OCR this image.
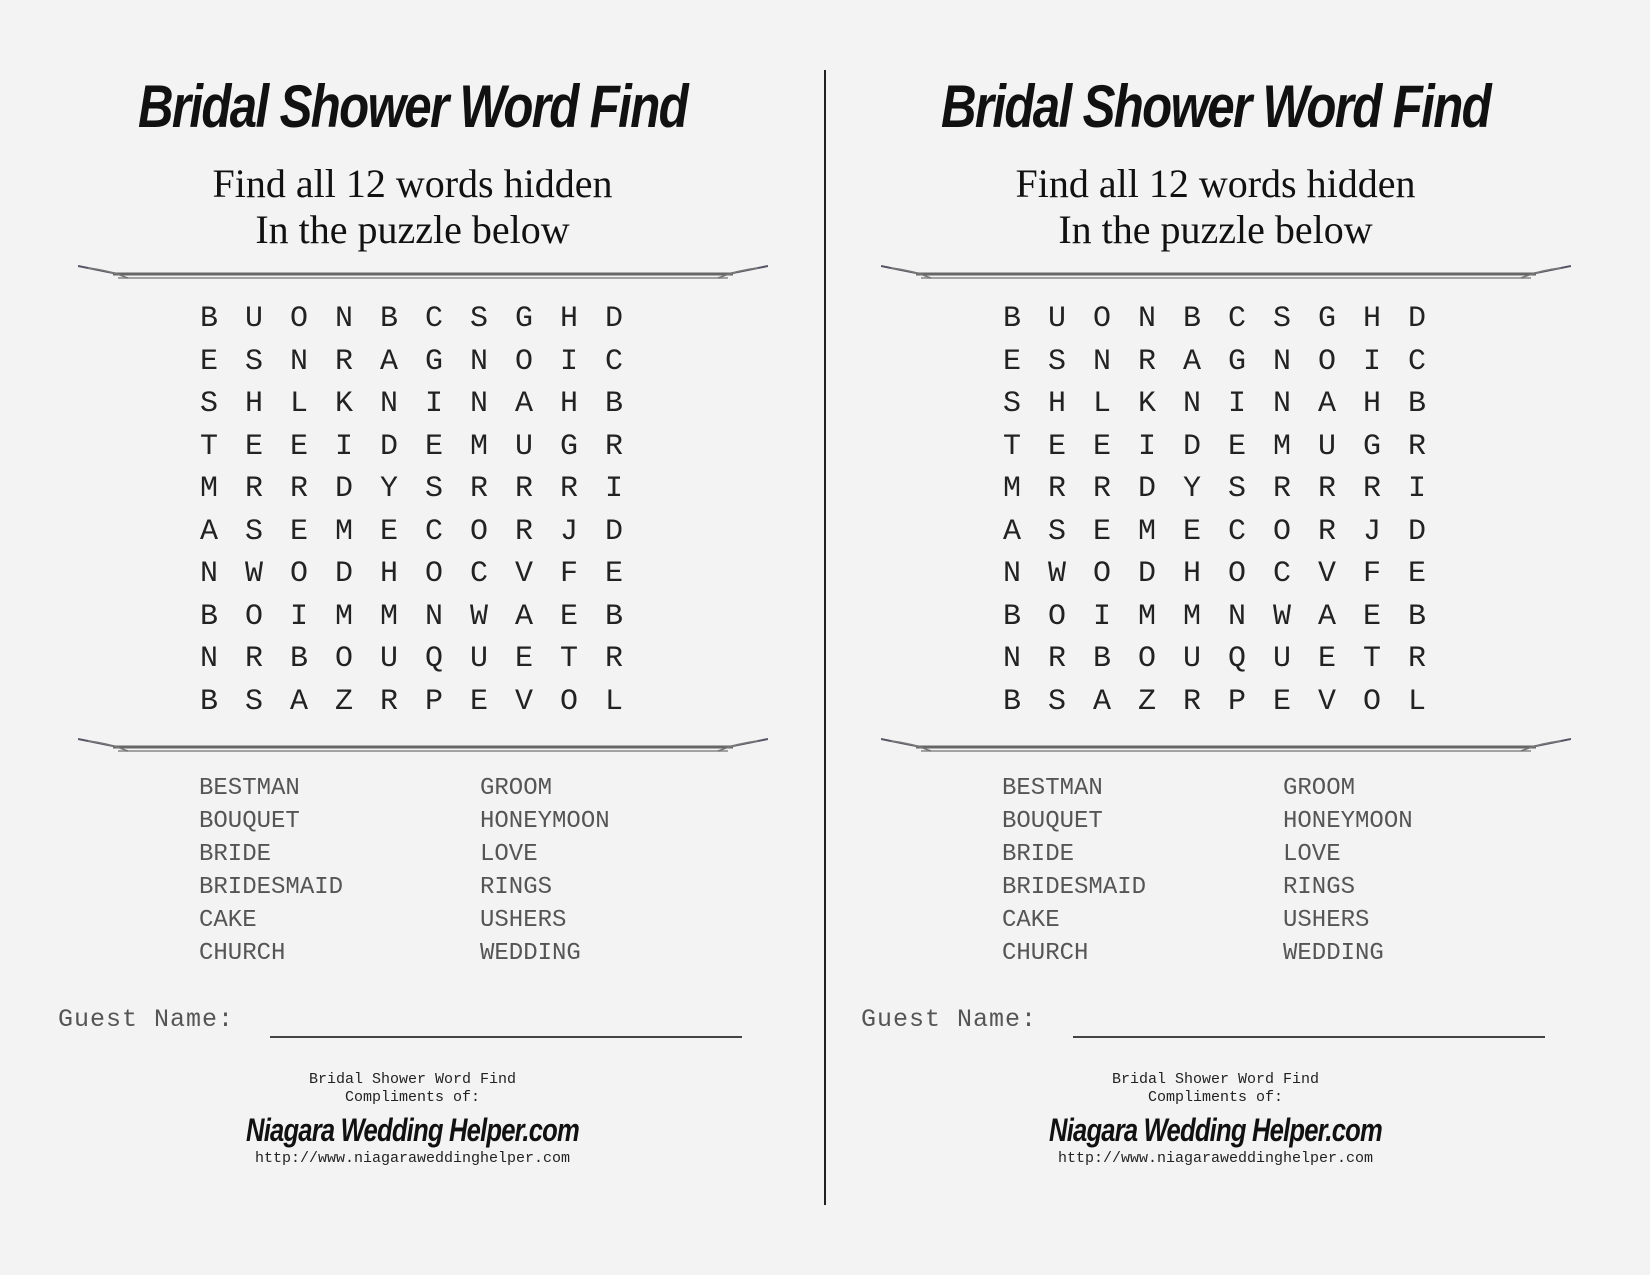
Bridal Shower Word Find
Find all 12 words hidden
In the puzzle below
B U O N B C S G H D
E S N R A G N O I C
S H L K N I N A H B
T E E I D E M U G R
M R R D Y S R R R I
A S E M E C O R J D
N W O D H O C V F E
B O I M M N W A E B
N R B O U Q U E T R
B S A Z R P E V O L
BESTMAN
BOUQUET
BRIDE
BRIDESMAID
CAKE
CHURCH
GROOM
HONEYMOON
LOVE
RINGS
USHERS
WEDDING
Guest Name:
Bridal Shower Word Find
Compliments of:
Niagara Wedding Helper.com
http://www.niagaraweddinghelper.com
Bridal Shower Word Find
Find all 12 words hidden
In the puzzle below
B U O N B C S G H D
E S N R A G N O I C
S H L K N I N A H B
T E E I D E M U G R
M R R D Y S R R R I
A S E M E C O R J D
N W O D H O C V F E
B O I M M N W A E B
N R B O U Q U E T R
B S A Z R P E V O L
BESTMAN
BOUQUET
BRIDE
BRIDESMAID
CAKE
CHURCH
GROOM
HONEYMOON
LOVE
RINGS
USHERS
WEDDING
Guest Name:
Bridal Shower Word Find
Compliments of:
Niagara Wedding Helper.com
http://www.niagaraweddinghelper.com
